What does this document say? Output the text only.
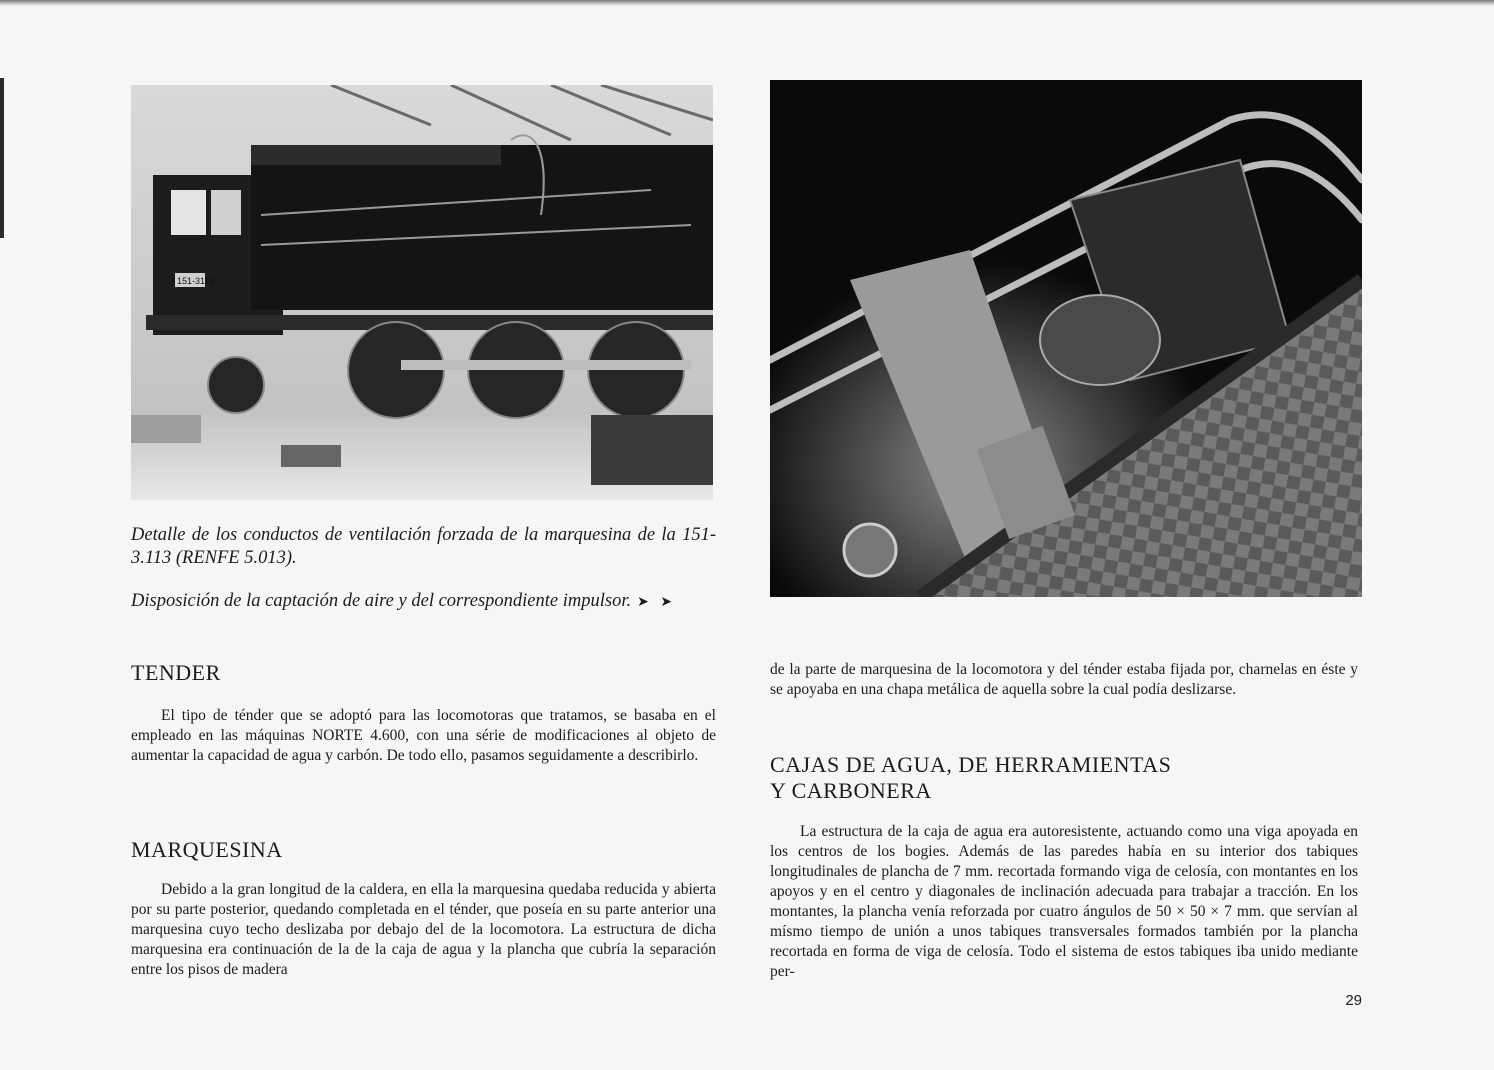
151-3113
Detalle de los conductos de ventilación forzada de la marquesina de la 151-3.113 (RENFE 5.013).
Disposición de la captación de aire y del correspondiente impulsor. ➤ ➤
TENDER

El tipo de ténder que se adoptó para las locomotoras que tratamos, se basaba en el empleado en las máquinas NORTE 4.600, con una série de modificaciones al objeto de aumentar la capacidad de agua y carbón. De todo ello, pasamos seguidamente a describirlo.

MARQUESINA

Debido a la gran longitud de la caldera, en ella la marquesina quedaba reducida y abierta por su parte posterior, quedando completada en el ténder, que poseía en su parte anterior una marquesina cuyo techo deslizaba por debajo del de la locomotora. La estructura de dicha marquesina era continuación de la de la caja de agua y la plancha que cubría la separación entre los pisos de madera

de la parte de marquesina de la locomotora y del ténder estaba fijada por, charnelas en éste y se apoyaba en una chapa metálica de aquella sobre la cual podía deslizarse.

CAJAS DE AGUA, DE HERRAMIENTAS
Y CARBONERA

La estructura de la caja de agua era autoresistente, actuando como una viga apoyada en los centros de los bogies. Además de las paredes había en su interior dos tabiques longitudinales de plancha de 7 mm. recortada formando viga de celosía, con montantes en los apoyos y en el centro y diagonales de inclinación adecuada para trabajar a tracción. En los montantes, la plancha venía reforzada por cuatro ángulos de 50 × 50 × 7 mm. que servían al mísmo tiempo de unión a unos tabiques transversales formados también por la plancha recortada en forma de viga de celosía. Todo el sistema de estos tabiques iba unido mediante per-

29
